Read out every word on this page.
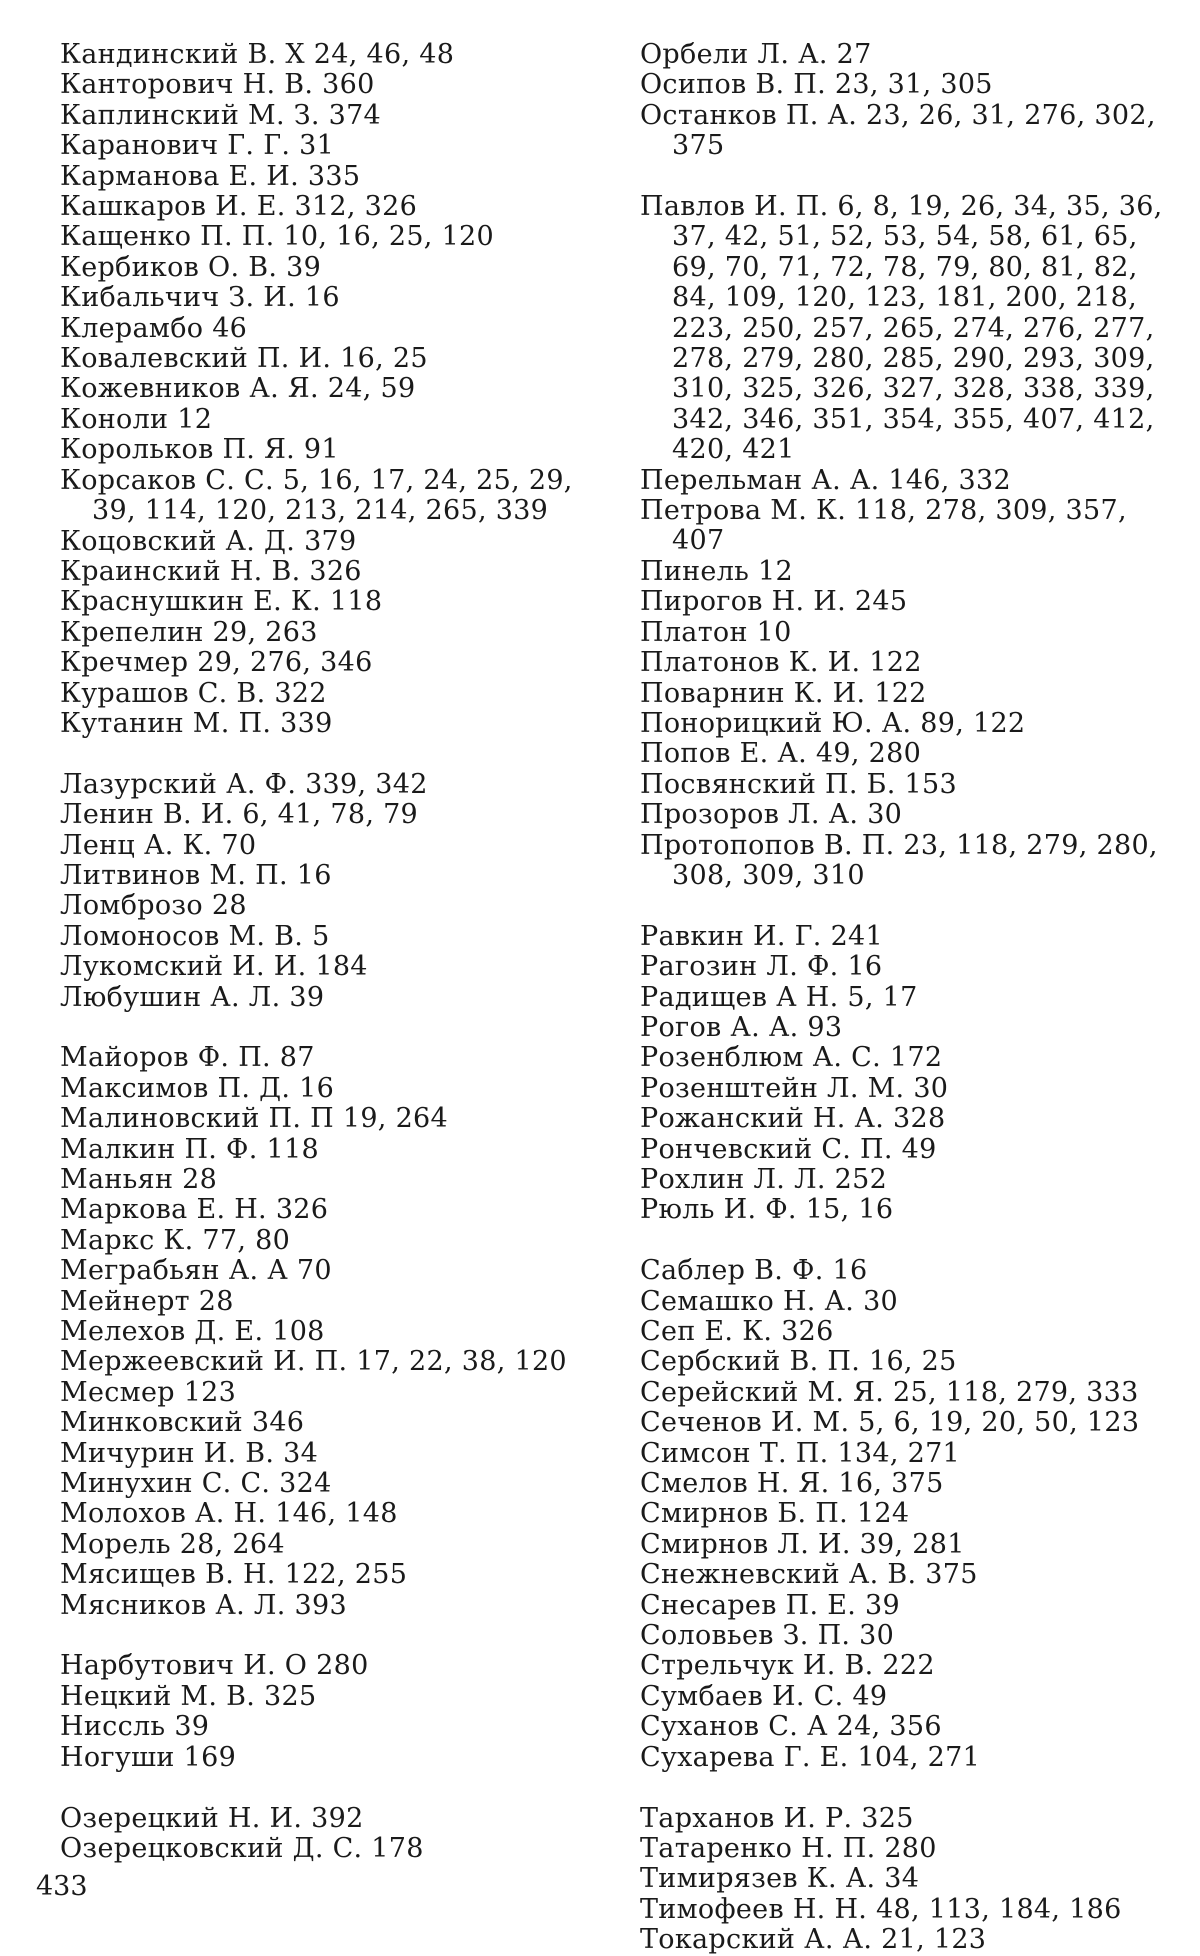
Кандинский В. Х 24, 46, 48
Канторович Н. В. 360
Каплинский М. З. 374
Каранович Г. Г. 31
Карманова Е. И. 335
Кашкаров И. Е. 312, 326
Кащенко П. П. 10, 16, 25, 120
Кербиков О. В. 39
Кибальчич З. И. 16
Клерамбо 46
Ковалевский П. И. 16, 25
Кожевников А. Я. 24, 59
Коноли 12
Корольков П. Я. 91
Корсаков С. С. 5, 16, 17, 24, 25, 29, 39, 114, 120, 213, 214, 265, 339
Коцовский А. Д. 379
Краинский Н. В. 326
Краснушкин Е. К. 118
Крепелин 29, 263
Кречмер 29, 276, 346
Курашов С. В. 322
Кутанин М. П. 339
Лазурский А. Ф. 339, 342
Ленин В. И. 6, 41, 78, 79
Ленц А. К. 70
Литвинов М. П. 16
Ломброзо 28
Ломоносов М. В. 5
Лукомский И. И. 184
Любушин А. Л. 39
Майоров Ф. П. 87
Максимов П. Д. 16
Малиновский П. П 19, 264
Малкин П. Ф. 118
Маньян 28
Маркова Е. Н. 326
Маркс К. 77, 80
Меграбьян А. А 70
Мейнерт 28
Мелехов Д. Е. 108
Мержеевский И. П. 17, 22, 38, 120
Месмер 123
Минковский 346
Мичурин И. В. 34
Минухин С. С. 324
Молохов А. Н. 146, 148
Морель 28, 264
Мясищев В. Н. 122, 255
Мясников А. Л. 393
Нарбутович И. О 280
Нецкий М. В. 325
Ниссль 39
Ногуши 169
Озерецкий Н. И. 392
Озерецковский Д. С. 178
Орбели Л. А. 27
Осипов В. П. 23, 31, 305
Останков П. А. 23, 26, 31, 276, 302, 375
Павлов И. П. 6, 8, 19, 26, 34, 35, 36, 37, 42, 51, 52, 53, 54, 58, 61, 65, 69, 70, 71, 72, 78, 79, 80, 81, 82, 84, 109, 120, 123, 181, 200, 218, 223, 250, 257, 265, 274, 276, 277, 278, 279, 280, 285, 290, 293, 309, 310, 325, 326, 327, 328, 338, 339, 342, 346, 351, 354, 355, 407, 412, 420, 421
Перельман А. А. 146, 332
Петрова М. К. 118, 278, 309, 357, 407
Пинель 12
Пирогов Н. И. 245
Платон 10
Платонов К. И. 122
Поварнин К. И. 122
Понорицкий Ю. А. 89, 122
Попов Е. А. 49, 280
Посвянский П. Б. 153
Прозоров Л. А. 30
Протопопов В. П. 23, 118, 279, 280, 308, 309, 310
Равкин И. Г. 241
Рагозин Л. Ф. 16
Радищев А Н. 5, 17
Рогов А. А. 93
Розенблюм А. С. 172
Розенштейн Л. М. 30
Рожанский Н. А. 328
Рончевский С. П. 49
Рохлин Л. Л. 252
Рюль И. Ф. 15, 16
Саблер В. Ф. 16
Семашко Н. А. 30
Сеп Е. К. 326
Сербский В. П. 16, 25
Серейский М. Я. 25, 118, 279, 333
Сеченов И. М. 5, 6, 19, 20, 50, 123
Симсон Т. П. 134, 271
Смелов Н. Я. 16, 375
Смирнов Б. П. 124
Смирнов Л. И. 39, 281
Снежневский А. В. 375
Снесарев П. Е. 39
Соловьев З. П. 30
Стрельчук И. В. 222
Сумбаев И. С. 49
Суханов С. А 24, 356
Сухарева Г. Е. 104, 271
Тарханов И. Р. 325
Татаренко Н. П. 280
Тимирязев К. А. 34
Тимофеев Н. Н. 48, 113, 184, 186
Токарский А. А. 21, 123
433
